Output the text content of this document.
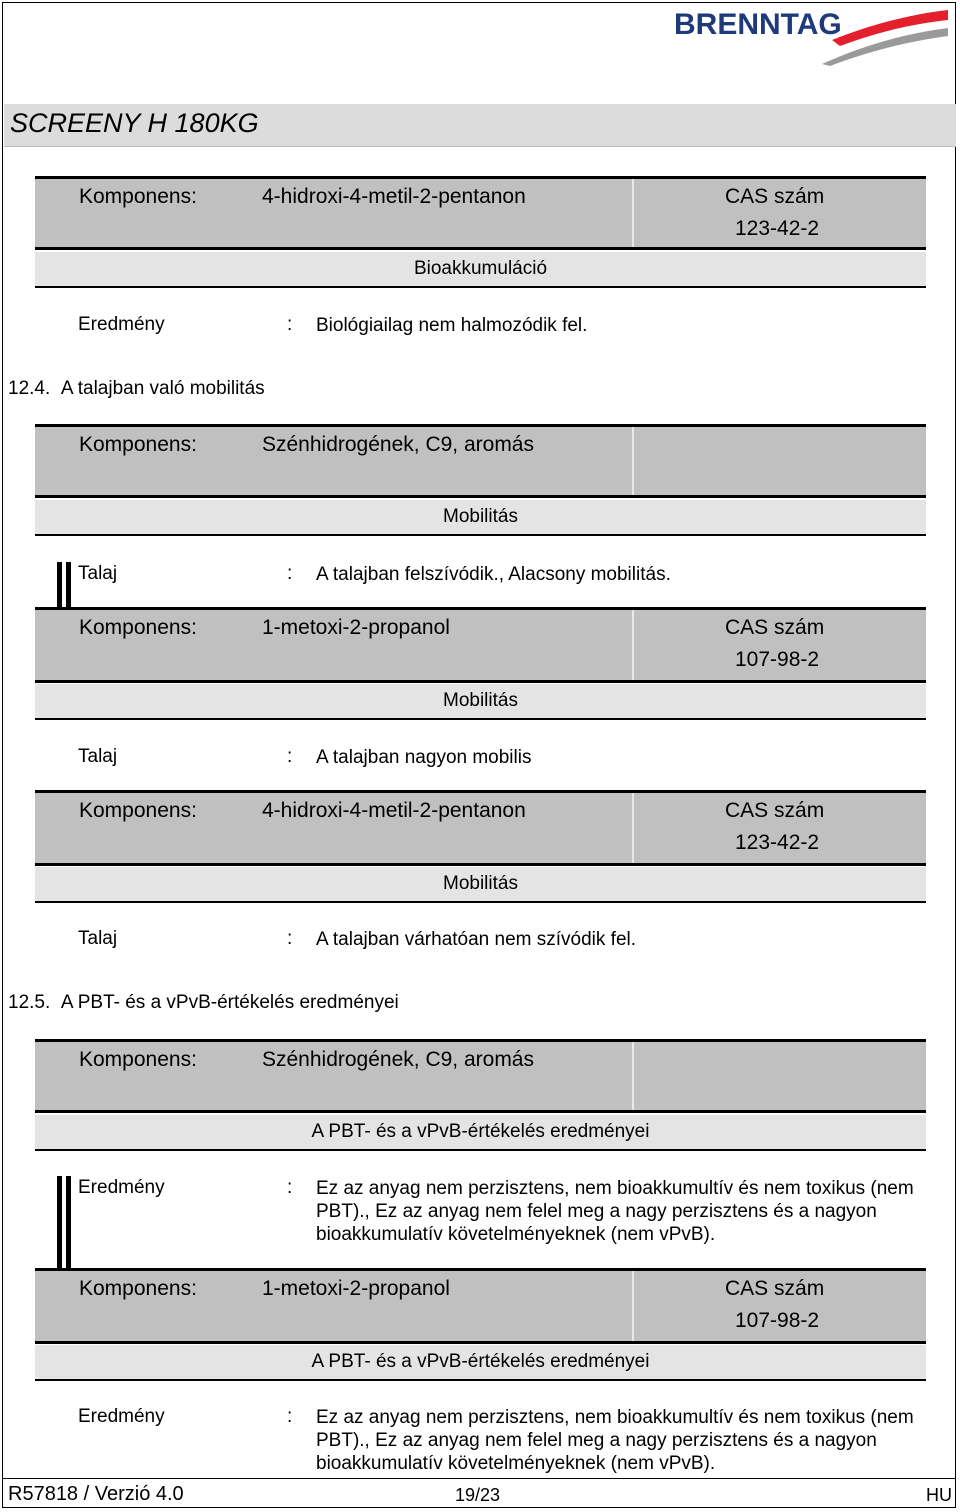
BRENNTAG
SCREENY H 180KG
Komponens:	4-hidroxi-4-metil-2-pentanon	CAS szám
123-42-2
Bioakkumuláció
Eredmény	: Biológiailag nem halmozódik fel.
12.4.  A talajban való mobilitás
Komponens:	Szénhidrogének, C9, aromás
Mobilitás
Talaj	: A talajban felszívódik., Alacsony mobilitás.
Komponens:	1-metoxi-2-propanol	CAS szám
107-98-2
Mobilitás
Talaj	: A talajban nagyon mobilis
Komponens:	4-hidroxi-4-metil-2-pentanon	CAS szám
123-42-2
Mobilitás
Talaj	: A talajban várhatóan nem szívódik fel.
12.5.  A PBT- és a vPvB-értékelés eredményei
Komponens:	Szénhidrogének, C9, aromás
A PBT- és a vPvB-értékelés eredményei
Eredmény	: Ez az anyag nem perzisztens, nem bioakkumultív és nem toxikus (nem PBT)., Ez az anyag nem felel meg a nagy perzisztens és a nagyon bioakkumulatív követelményeknek (nem vPvB).
Komponens:	1-metoxi-2-propanol	CAS szám
107-98-2
A PBT- és a vPvB-értékelés eredményei
Eredmény	: Ez az anyag nem perzisztens, nem bioakkumultív és nem toxikus (nem PBT)., Ez az anyag nem felel meg a nagy perzisztens és a nagyon bioakkumulatív követelményeknek (nem vPvB).
R57818 / Verzió 4.0	19/23	HU
